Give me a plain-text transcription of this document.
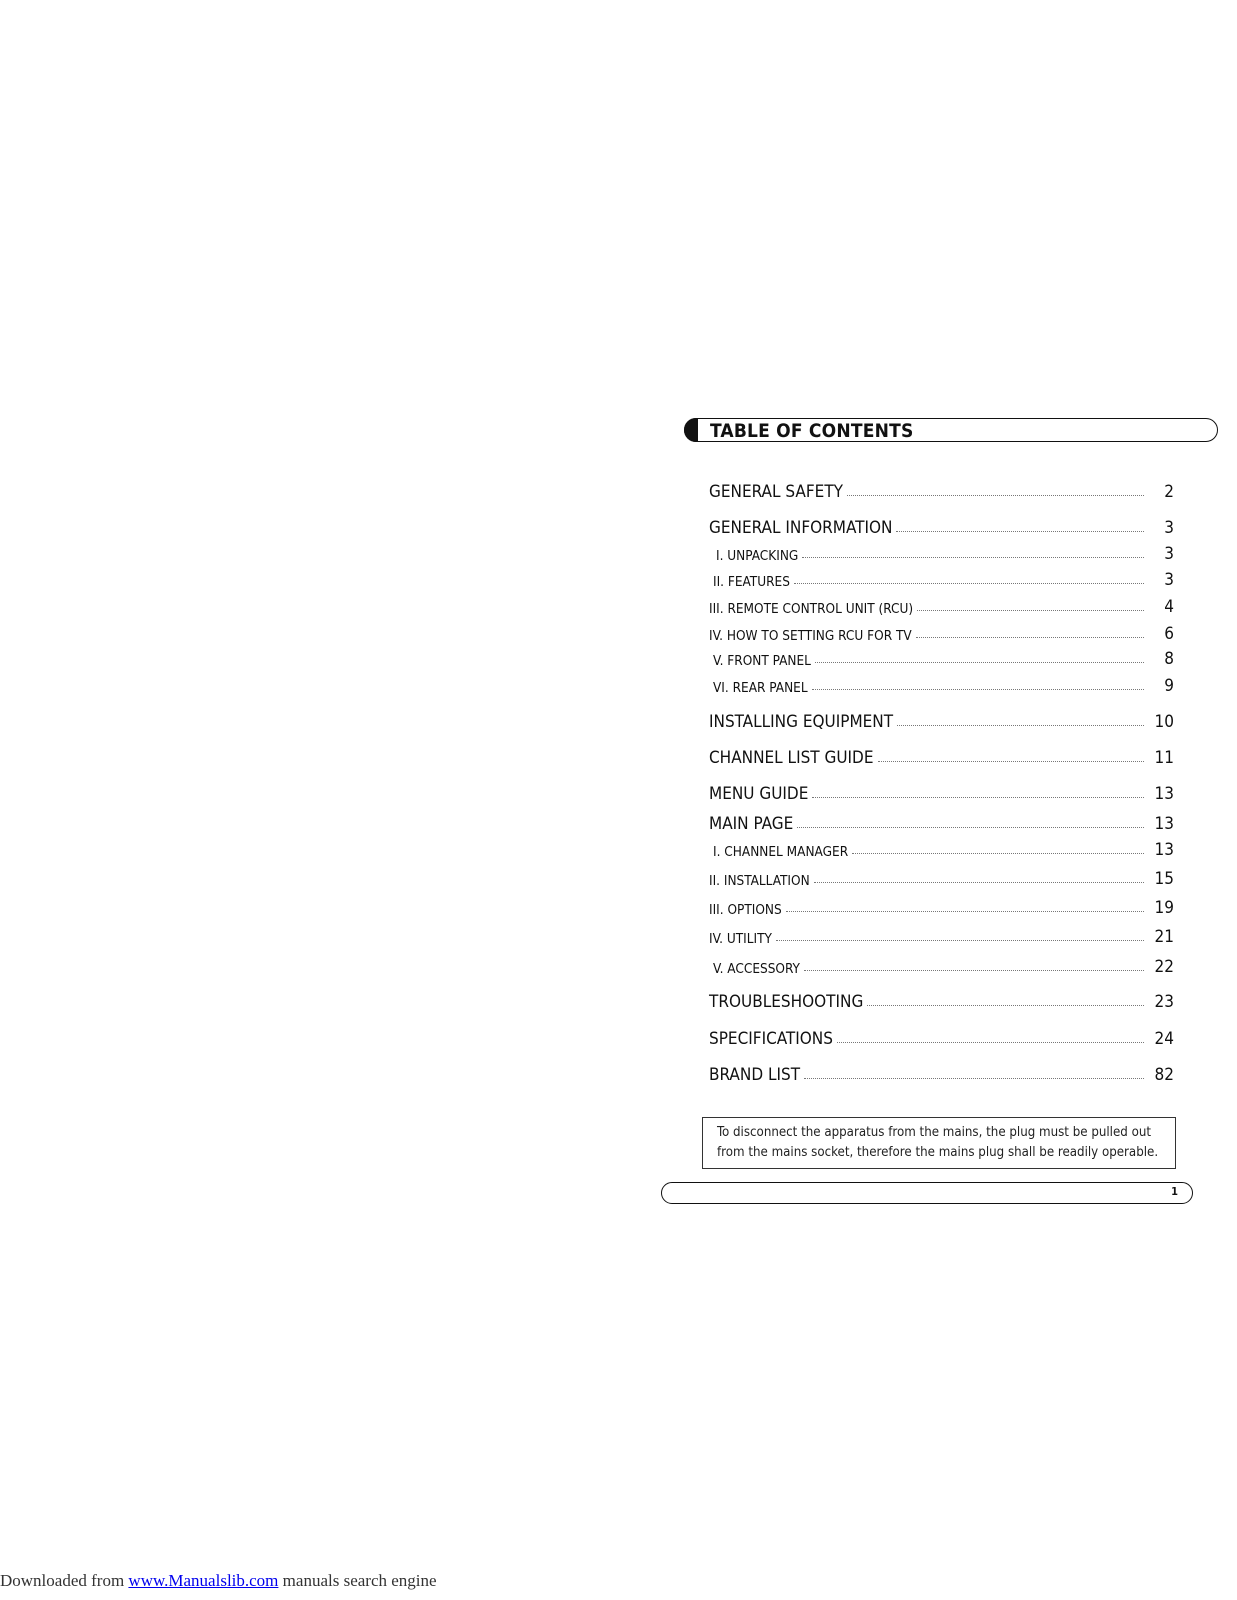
TABLE OF CONTENTS
GENERAL SAFETY	2
GENERAL INFORMATION	3
I. UNPACKING	3
II. FEATURES	3
III. REMOTE CONTROL UNIT (RCU)	4
IV. HOW TO SETTING RCU FOR TV	6
V. FRONT PANEL	8
VI. REAR PANEL	9
INSTALLING EQUIPMENT	10
CHANNEL LIST GUIDE	11
MENU GUIDE	13
MAIN PAGE	13
I. CHANNEL MANAGER	13
II. INSTALLATION	15
III. OPTIONS	19
IV. UTILITY	21
V. ACCESSORY	22
TROUBLESHOOTING	23
SPECIFICATIONS	24
BRAND LIST	82
To disconnect the apparatus from the mains, the plug must be pulled out
from the mains socket, therefore the mains plug shall be readily operable.
1
Downloaded from www.Manualslib.com manuals search engine
